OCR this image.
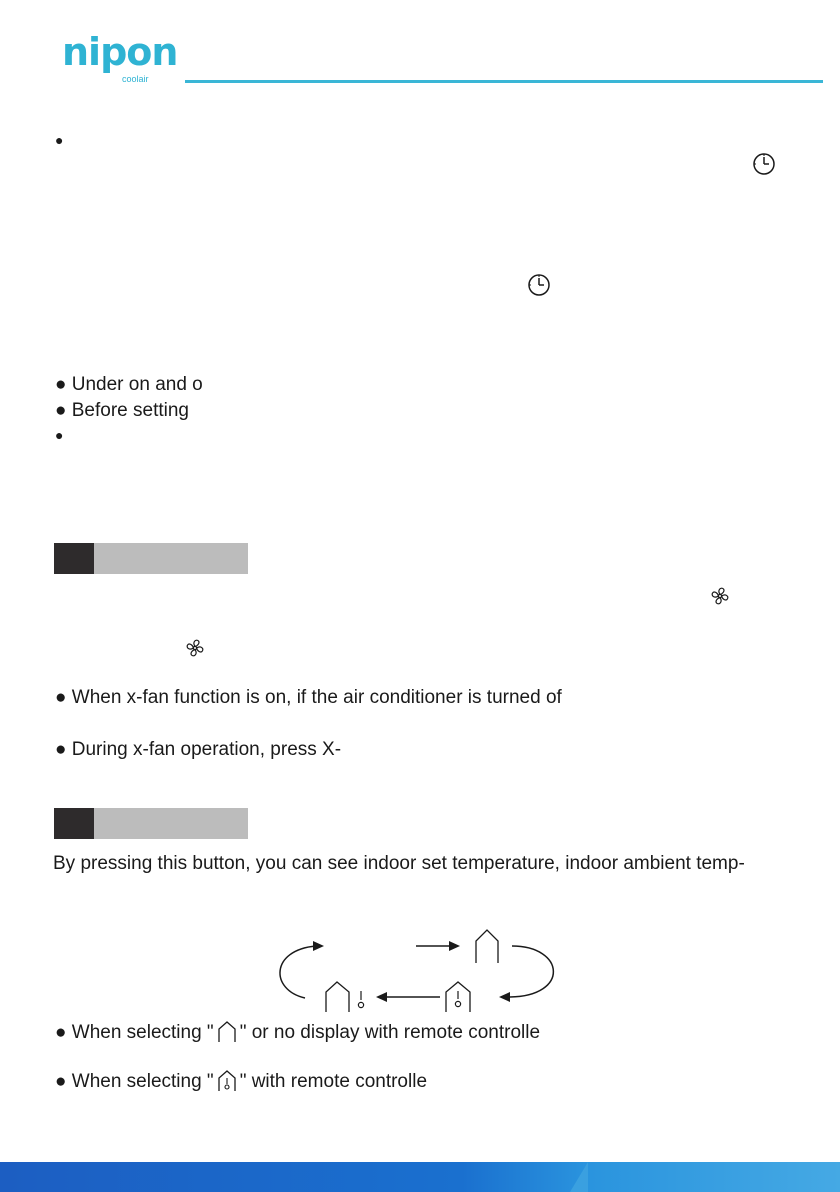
nipon
coolair
●
● Under on and o
● Before setting
●
● When x-fan function is on, if the air conditioner is turned of
● During x-fan operation, press X-
By pressing this button, you can see indoor set temperature, indoor ambient temp-
● When selecting " " or no display with remote controlle
● When selecting " " with remote controlle
